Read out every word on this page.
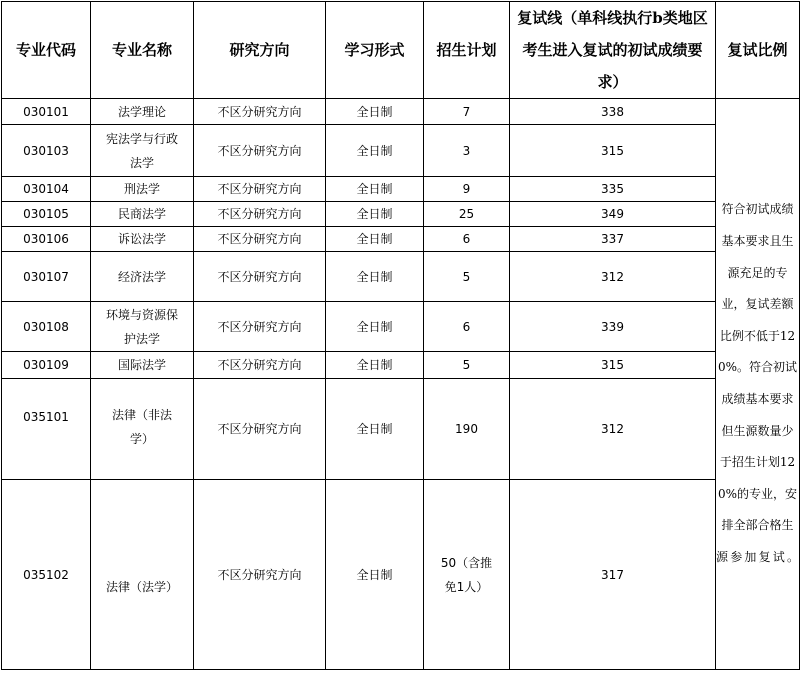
专业代码	专业名称	研究方向	学习形式	招生计划	复试线（单科线执行b类地区考生进入复试的初试成绩要求）	复试比例
030101	法学理论	不区分研究方向	全日制	7	338	符合初试成绩基本要求且生源充足的专业，复试差额比例不低于120%。符合初试成绩基本要求但生源数量少于招生计划120%的专业，安排全部合格生源参加复试。
030103	宪法学与行政法学	不区分研究方向	全日制	3	315	
030104	刑法学	不区分研究方向	全日制	9	335	
030105	民商法学	不区分研究方向	全日制	25	349	
030106	诉讼法学	不区分研究方向	全日制	6	337	
030107	经济法学	不区分研究方向	全日制	5	312	
030108	环境与资源保护法学	不区分研究方向	全日制	6	339	
030109	国际法学	不区分研究方向	全日制	5	315	
035101	法律（非法学）	不区分研究方向	全日制	190	312	
035102	法律（法学）	不区分研究方向	全日制	50（含推免1人）	317	
